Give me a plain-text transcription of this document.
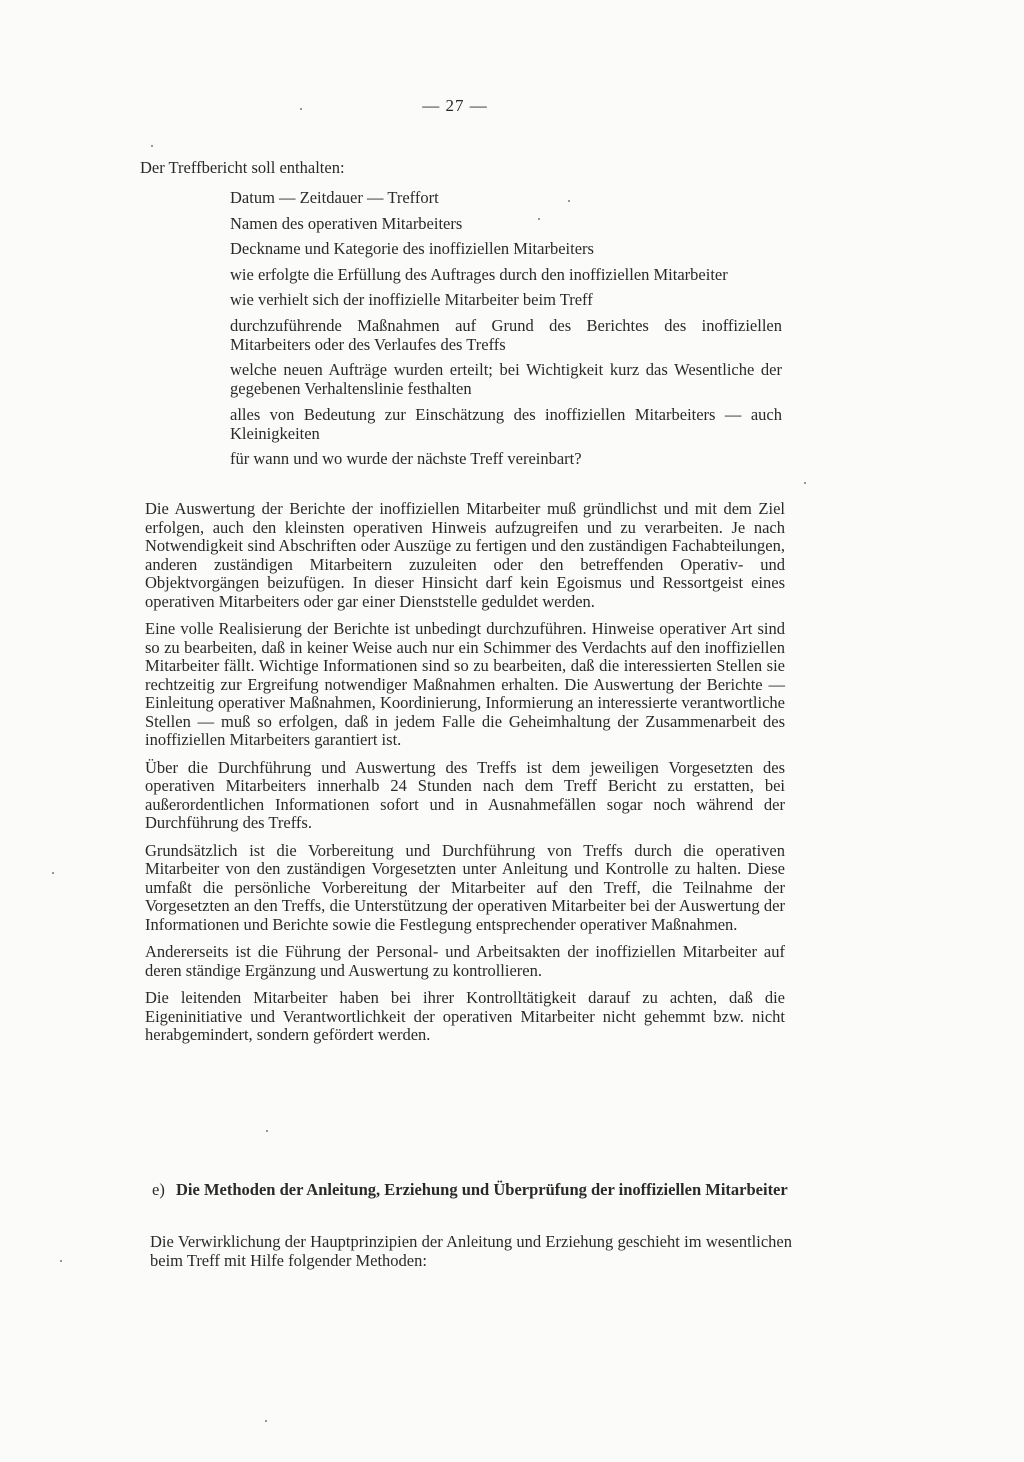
— 27 —
Der Treffbericht soll enthalten:
Datum — Zeitdauer — Treffort
Namen des operativen Mitarbeiters
Deckname und Kategorie des inoffiziellen Mitarbeiters
wie erfolgte die Erfüllung des Auftrages durch den inoffiziellen Mitarbeiter
wie verhielt sich der inoffizielle Mitarbeiter beim Treff
durchzuführende Maßnahmen auf Grund des Berichtes des inoffiziellen Mitarbeiters oder des Verlaufes des Treffs
welche neuen Aufträge wurden erteilt; bei Wichtigkeit kurz das Wesentliche der gegebenen Verhaltenslinie festhalten
alles von Bedeutung zur Einschätzung des inoffiziellen Mitarbeiters — auch Kleinigkeiten
für wann und wo wurde der nächste Treff vereinbart?

Die Auswertung der Berichte der inoffiziellen Mitarbeiter muß gründlichst und mit dem Ziel erfolgen, auch den kleinsten operativen Hinweis aufzugreifen und zu verarbeiten. Je nach Notwendigkeit sind Abschriften oder Auszüge zu fertigen und den zuständigen Fachabteilungen, anderen zuständigen Mitarbeitern zuzuleiten oder den betreffenden Operativ- und Objektvorgängen beizufügen. In dieser Hinsicht darf kein Egoismus und Ressortgeist eines operativen Mitarbeiters oder gar einer Dienststelle geduldet werden.

Eine volle Realisierung der Berichte ist unbedingt durchzuführen. Hinweise operativer Art sind so zu bearbeiten, daß in keiner Weise auch nur ein Schimmer des Verdachts auf den inoffiziellen Mitarbeiter fällt. Wichtige Informationen sind so zu bearbeiten, daß die interessierten Stellen sie rechtzeitig zur Ergreifung notwendiger Maßnahmen erhalten. Die Auswertung der Berichte — Einleitung operativer Maßnahmen, Koordinierung, Informierung an interessierte verantwortliche Stellen — muß so erfolgen, daß in jedem Falle die Geheimhaltung der Zusammenarbeit des inoffiziellen Mitarbeiters garantiert ist.

Über die Durchführung und Auswertung des Treffs ist dem jeweiligen Vorgesetzten des operativen Mitarbeiters innerhalb 24 Stunden nach dem Treff Bericht zu erstatten, bei außerordentlichen Informationen sofort und in Ausnahmefällen sogar noch während der Durchführung des Treffs.

Grundsätzlich ist die Vorbereitung und Durchführung von Treffs durch die operativen Mitarbeiter von den zuständigen Vorgesetzten unter Anleitung und Kontrolle zu halten. Diese umfaßt die persönliche Vorbereitung der Mitarbeiter auf den Treff, die Teilnahme der Vorgesetzten an den Treffs, die Unterstützung der operativen Mitarbeiter bei der Auswertung der Informationen und Berichte sowie die Festlegung entsprechender operativer Maßnahmen.

Andererseits ist die Führung der Personal- und Arbeitsakten der inoffiziellen Mitarbeiter auf deren ständige Ergänzung und Auswertung zu kontrollieren.

Die leitenden Mitarbeiter haben bei ihrer Kontrolltätigkeit darauf zu achten, daß die Eigeninitiative und Verantwortlichkeit der operativen Mitarbeiter nicht gehemmt bzw. nicht herabgemindert, sondern gefördert werden.

e) Die Methoden der Anleitung, Erziehung und Überprüfung der inoffiziellen Mitarbeiter

Die Verwirklichung der Hauptprinzipien der Anleitung und Erziehung geschieht im wesentlichen beim Treff mit Hilfe folgender Methoden:
